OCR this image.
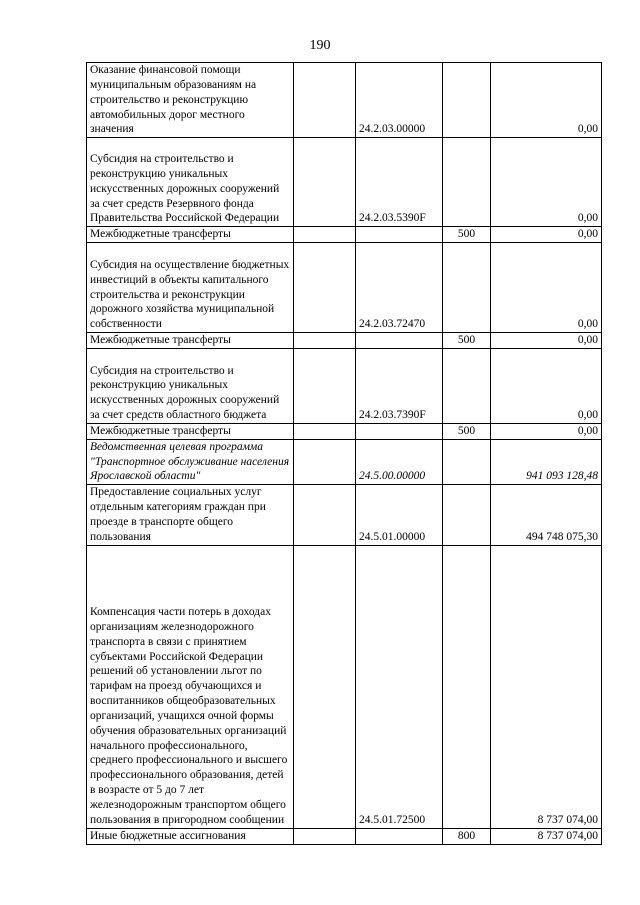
190
Оказание финансовой помощи муниципальным образованиям на строительство и реконструкцию автомобильных дорог местного значения		24.2.03.00000		0,00
Субсидия на строительство и реконструкцию уникальных искусственных дорожных сооружений за счет средств Резервного фонда Правительства Российской Федерации		24.2.03.5390F		0,00
Межбюджетные трансферты			500	0,00
Субсидия на осуществление бюджетных инвестиций в объекты капитального строительства и реконструкции дорожного хозяйства муниципальной собственности		24.2.03.72470		0,00
Межбюджетные трансферты			500	0,00
Субсидия на строительство и реконструкцию уникальных искусственных дорожных сооружений за счет средств областного бюджета		24.2.03.7390F		0,00
Межбюджетные трансферты			500	0,00
Ведомственная целевая программа "Транспортное обслуживание населения Ярославской области"		24.5.00.00000		941 093 128,48
Предоставление социальных услуг отдельным категориям граждан при проезде в транспорте общего пользования		24.5.01.00000		494 748 075,30
Компенсация части потерь в доходах организациям железнодорожного транспорта в связи с принятием субъектами Российской Федерации решений об установлении льгот по тарифам на проезд обучающихся и воспитанников общеобразовательных организаций, учащихся очной формы обучения образовательных организаций начального профессионального, среднего профессионального и высшего профессионального образования, детей в возрасте от 5 до 7 лет железнодорожным транспортом общего пользования в пригородном сообщении		24.5.01.72500		8 737 074,00
Иные бюджетные ассигнования			800	8 737 074,00
